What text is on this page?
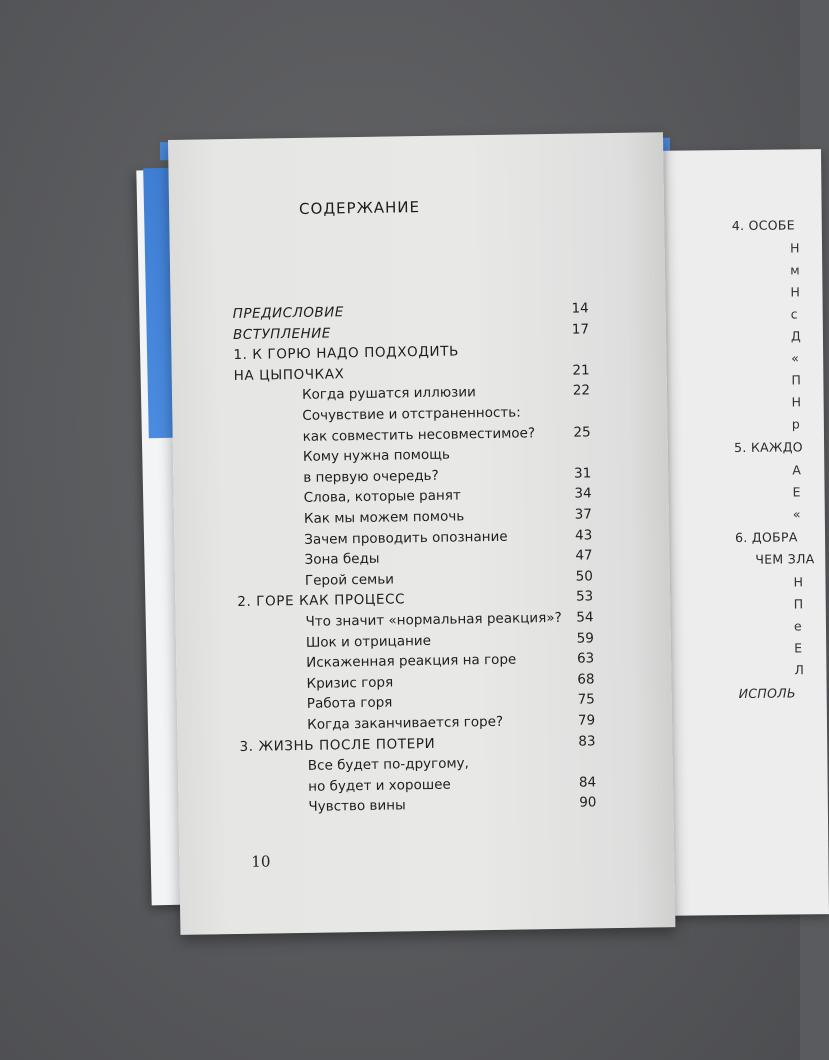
4. ОСОБЕ
Н
м
Н
с
Д
«
П
Н
р
5. КАЖДО
А
Е
«
6. ДОБРА
ЧЕМ ЗЛА
Н
П
е
Е
Л
ИСПОЛЬ
СОДЕРЖАНИЕ
ПРЕДИСЛОВИЕ	14
ВСТУПЛЕНИЕ	17
1. К ГОРЮ НАДО ПОДХОДИТЬ
НА ЦЫПОЧКАХ	21
Когда рушатся иллюзии	22
Сочувствие и отстраненность:
как совместить несовместимое?	25
Кому нужна помощь
в первую очередь?	31
Слова, которые ранят	34
Как мы можем помочь	37
Зачем проводить опознание	43
Зона беды	47
Герой семьи	50
2. ГОРЕ КАК ПРОЦЕСС	53
Что значит «нормальная реакция»?	54
Шок и отрицание	59
Искаженная реакция на горе	63
Кризис горя	68
Работа горя	75
Когда заканчивается горе?	79
3. ЖИЗНЬ ПОСЛЕ ПОТЕРИ	83
Все будет по-другому,
но будет и хорошее	84
Чувство вины	90
10
